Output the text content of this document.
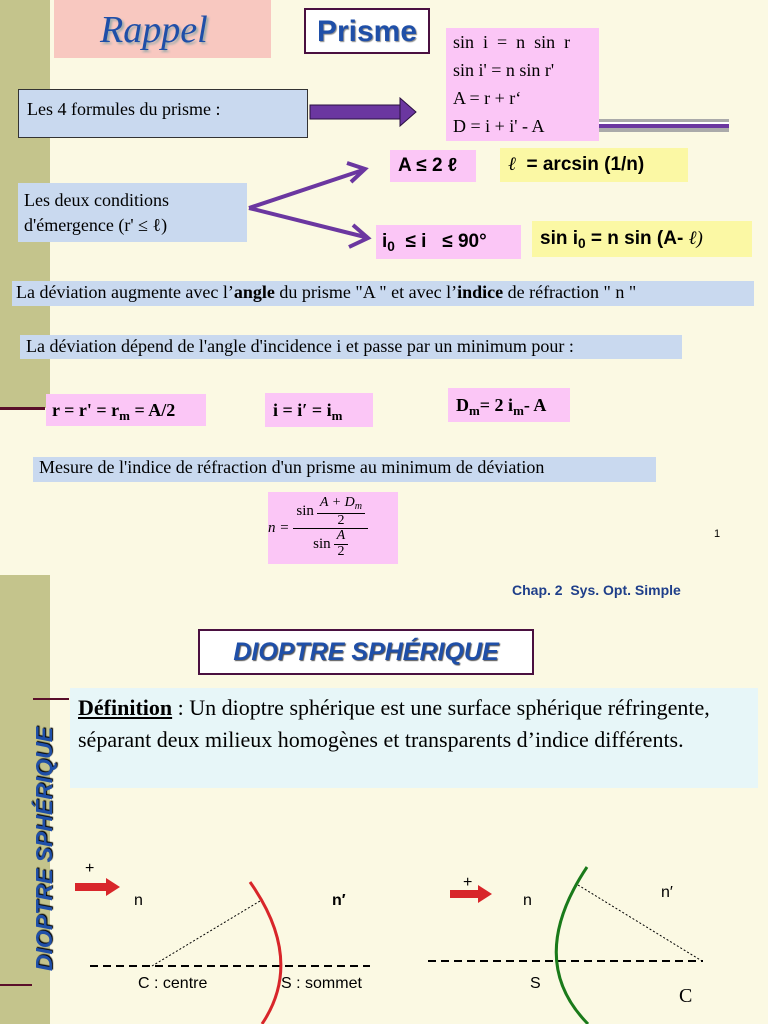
Rappel	Prisme	sin  i  =  n  sin  r
sin i' = n sin r'
A = r + r‘
D = i + i' - A
Les 4 formules du prisme :
Les deux conditions
d'émergence (r' ≤ ℓ)
A ≤ 2 ℓ	ℓ  = arcsin (1/n)
$i_0 \le i \le 90^\circ$	$\sin i_0 = n$ sin (A- ℓ)
La déviation augmente avec l’angle du prisme "A " et avec l’indice de réfraction " n "
La déviation dépend de l'angle d'incidence i et passe par un minimum pour :
$r = r' = r_m = A/2$	$i = i' = i_m$
$D_m= 2$ $i_m-$ A
Mesure de l'indice de réfraction d'un prisme au minimum de déviation
$n = \frac{\sin \frac{A + D_m}{2}}{\sin \frac{A}{2}}$	1
Chap. 2  Sys. Opt. Simple
DIOPTRE SPHÉRIQUE
DIOPTRE SPHÉRIQUE
Définition : Un dioptre sphérique est une surface sphérique réfringente, séparant deux milieux homogènes et transparents d’indice différents.
+
n	n′
C : centre	S : sommet
+
n	n′
S
C
